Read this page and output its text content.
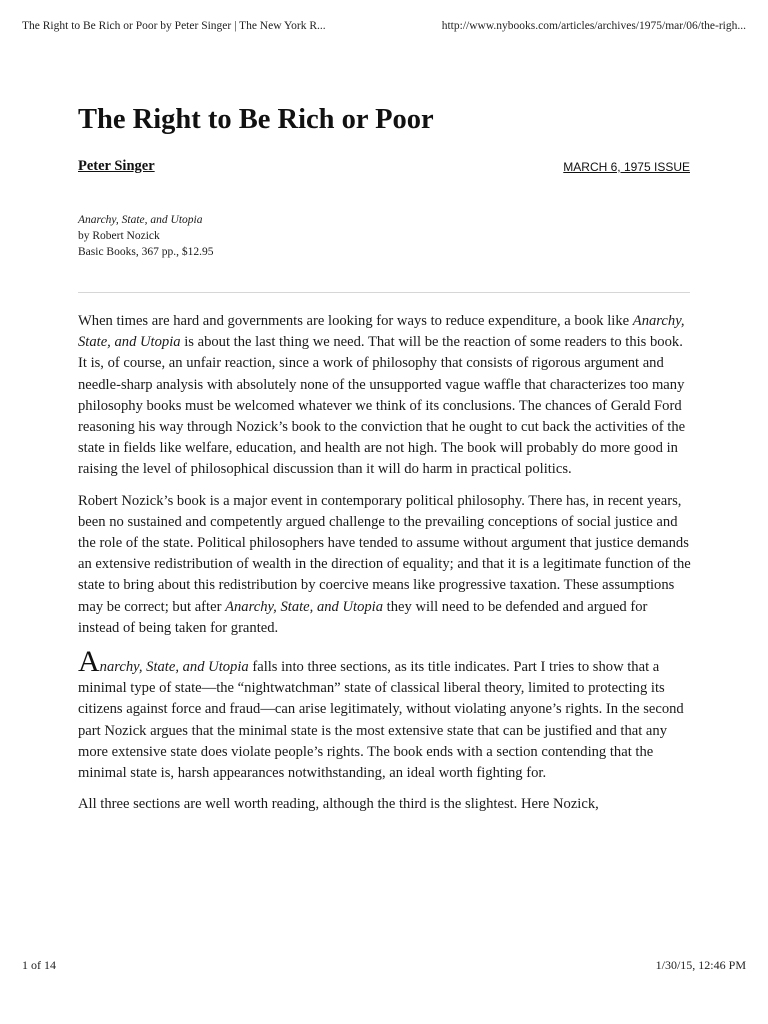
The Right to Be Rich or Poor by Peter Singer | The New York R...	http://www.nybooks.com/articles/archives/1975/mar/06/the-righ...
The Right to Be Rich or Poor
Peter Singer	MARCH 6, 1975 ISSUE
Anarchy, State, and Utopia
by Robert Nozick
Basic Books, 367 pp., $12.95

When times are hard and governments are looking for ways to reduce expenditure, a book like Anarchy, State, and Utopia is about the last thing we need. That will be the reaction of some readers to this book. It is, of course, an unfair reaction, since a work of philosophy that consists of rigorous argument and needle-sharp analysis with absolutely none of the unsupported vague waffle that characterizes too many philosophy books must be welcomed whatever we think of its conclusions. The chances of Gerald Ford reasoning his way through Nozick’s book to the conviction that he ought to cut back the activities of the state in fields like welfare, education, and health are not high. The book will probably do more good in raising the level of philosophical discussion than it will do harm in practical politics.

Robert Nozick’s book is a major event in contemporary political philosophy. There has, in recent years, been no sustained and competently argued challenge to the prevailing conceptions of social justice and the role of the state. Political philosophers have tended to assume without argument that justice demands an extensive redistribution of wealth in the direction of equality; and that it is a legitimate function of the state to bring about this redistribution by coercive means like progressive taxation. These assumptions may be correct; but after Anarchy, State, and Utopia they will need to be defended and argued for instead of being taken for granted.

Anarchy, State, and Utopia falls into three sections, as its title indicates. Part I tries to show that a minimal type of state—the “nightwatchman” state of classical liberal theory, limited to protecting its citizens against force and fraud—can arise legitimately, without violating anyone’s rights. In the second part Nozick argues that the minimal state is the most extensive state that can be justified and that any more extensive state does violate people’s rights. The book ends with a section contending that the minimal state is, harsh appearances notwithstanding, an ideal worth fighting for.

All three sections are well worth reading, although the third is the slightest. Here Nozick,

1 of 14	1/30/15, 12:46 PM
